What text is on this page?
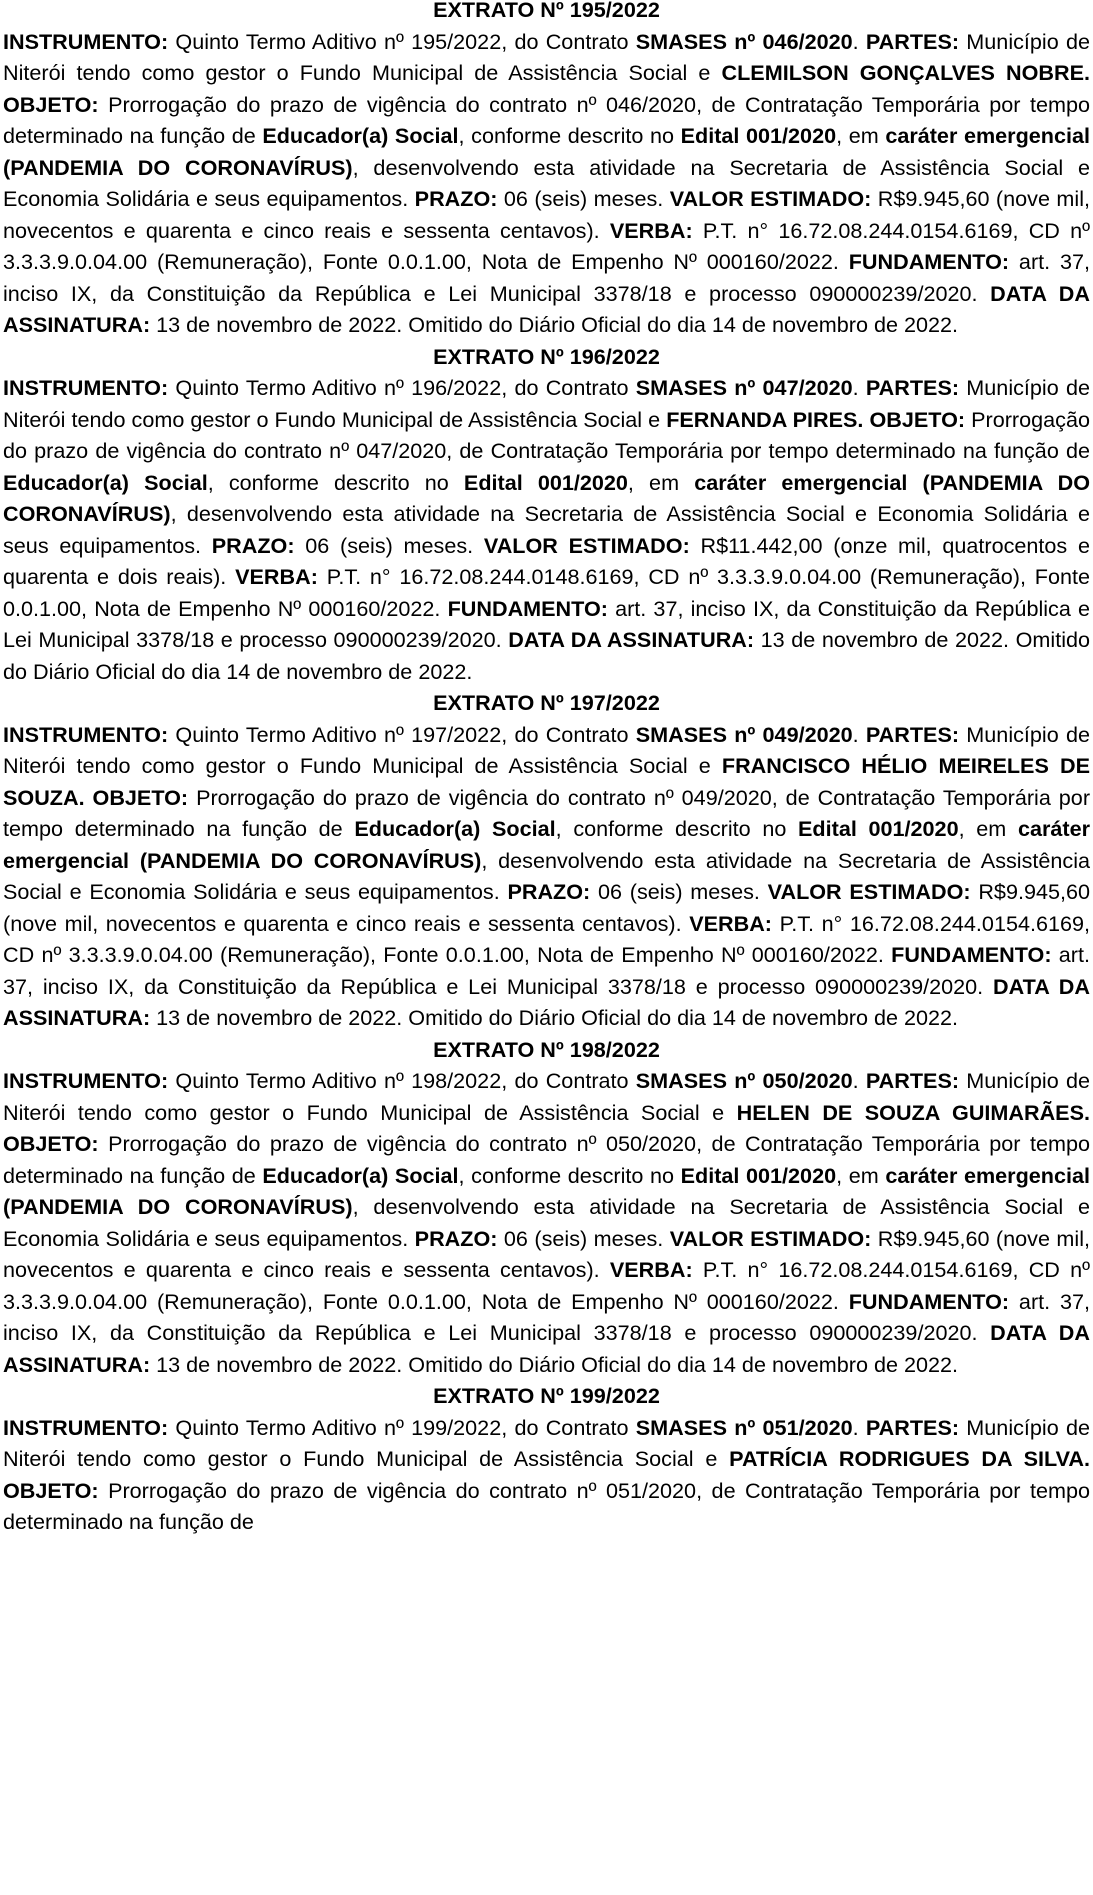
EXTRATO Nº 195/2022

INSTRUMENTO: Quinto Termo Aditivo nº 195/2022, do Contrato SMASES nº 046/2020. PARTES: Município de Niterói tendo como gestor o Fundo Municipal de Assistência Social e CLEMILSON GONÇALVES NOBRE. OBJETO: Prorrogação do prazo de vigência do contrato nº 046/2020, de Contratação Temporária por tempo determinado na função de Educador(a) Social, conforme descrito no Edital 001/2020, em caráter emergencial (PANDEMIA DO CORONAVÍRUS), desenvolvendo esta atividade na Secretaria de Assistência Social e Economia Solidária e seus equipamentos. PRAZO: 06 (seis) meses. VALOR ESTIMADO: R$9.945,60 (nove mil, novecentos e quarenta e cinco reais e sessenta centavos). VERBA: P.T. n° 16.72.08.244.0154.6169, CD nº 3.3.3.9.0.04.00 (Remuneração), Fonte 0.0.1.00, Nota de Empenho Nº 000160/2022. FUNDAMENTO: art. 37, inciso IX, da Constituição da República e Lei Municipal 3378/18 e processo 090000239/2020. DATA DA ASSINATURA: 13 de novembro de 2022. Omitido do Diário Oficial do dia 14 de novembro de 2022.

EXTRATO Nº 196/2022

INSTRUMENTO: Quinto Termo Aditivo nº 196/2022, do Contrato SMASES nº 047/2020. PARTES: Município de Niterói tendo como gestor o Fundo Municipal de Assistência Social e FERNANDA PIRES. OBJETO: Prorrogação do prazo de vigência do contrato nº 047/2020, de Contratação Temporária por tempo determinado na função de Educador(a) Social, conforme descrito no Edital 001/2020, em caráter emergencial (PANDEMIA DO CORONAVÍRUS), desenvolvendo esta atividade na Secretaria de Assistência Social e Economia Solidária e seus equipamentos. PRAZO: 06 (seis) meses. VALOR ESTIMADO: R$11.442,00 (onze mil, quatrocentos e quarenta e dois reais). VERBA: P.T. n° 16.72.08.244.0148.6169, CD nº 3.3.3.9.0.04.00 (Remuneração), Fonte 0.0.1.00, Nota de Empenho Nº 000160/2022. FUNDAMENTO: art. 37, inciso IX, da Constituição da República e Lei Municipal 3378/18 e processo 090000239/2020. DATA DA ASSINATURA: 13 de novembro de 2022. Omitido do Diário Oficial do dia 14 de novembro de 2022.

EXTRATO Nº 197/2022

INSTRUMENTO: Quinto Termo Aditivo nº 197/2022, do Contrato SMASES nº 049/2020. PARTES: Município de Niterói tendo como gestor o Fundo Municipal de Assistência Social e FRANCISCO HÉLIO MEIRELES DE SOUZA. OBJETO: Prorrogação do prazo de vigência do contrato nº 049/2020, de Contratação Temporária por tempo determinado na função de Educador(a) Social, conforme descrito no Edital 001/2020, em caráter emergencial (PANDEMIA DO CORONAVÍRUS), desenvolvendo esta atividade na Secretaria de Assistência Social e Economia Solidária e seus equipamentos. PRAZO: 06 (seis) meses. VALOR ESTIMADO: R$9.945,60 (nove mil, novecentos e quarenta e cinco reais e sessenta centavos). VERBA: P.T. n° 16.72.08.244.0154.6169, CD nº 3.3.3.9.0.04.00 (Remuneração), Fonte 0.0.1.00, Nota de Empenho Nº 000160/2022. FUNDAMENTO: art. 37, inciso IX, da Constituição da República e Lei Municipal 3378/18 e processo 090000239/2020. DATA DA ASSINATURA: 13 de novembro de 2022. Omitido do Diário Oficial do dia 14 de novembro de 2022.

EXTRATO Nº 198/2022

INSTRUMENTO: Quinto Termo Aditivo nº 198/2022, do Contrato SMASES nº 050/2020. PARTES: Município de Niterói tendo como gestor o Fundo Municipal de Assistência Social e HELEN DE SOUZA GUIMARÃES. OBJETO: Prorrogação do prazo de vigência do contrato nº 050/2020, de Contratação Temporária por tempo determinado na função de Educador(a) Social, conforme descrito no Edital 001/2020, em caráter emergencial (PANDEMIA DO CORONAVÍRUS), desenvolvendo esta atividade na Secretaria de Assistência Social e Economia Solidária e seus equipamentos. PRAZO: 06 (seis) meses. VALOR ESTIMADO: R$9.945,60 (nove mil, novecentos e quarenta e cinco reais e sessenta centavos). VERBA: P.T. n° 16.72.08.244.0154.6169, CD nº 3.3.3.9.0.04.00 (Remuneração), Fonte 0.0.1.00, Nota de Empenho Nº 000160/2022. FUNDAMENTO: art. 37, inciso IX, da Constituição da República e Lei Municipal 3378/18 e processo 090000239/2020. DATA DA ASSINATURA: 13 de novembro de 2022. Omitido do Diário Oficial do dia 14 de novembro de 2022.

EXTRATO Nº 199/2022

INSTRUMENTO: Quinto Termo Aditivo nº 199/2022, do Contrato SMASES nº 051/2020. PARTES: Município de Niterói tendo como gestor o Fundo Municipal de Assistência Social e PATRÍCIA RODRIGUES DA SILVA. OBJETO: Prorrogação do prazo de vigência do contrato nº 051/2020, de Contratação Temporária por tempo determinado na função de
